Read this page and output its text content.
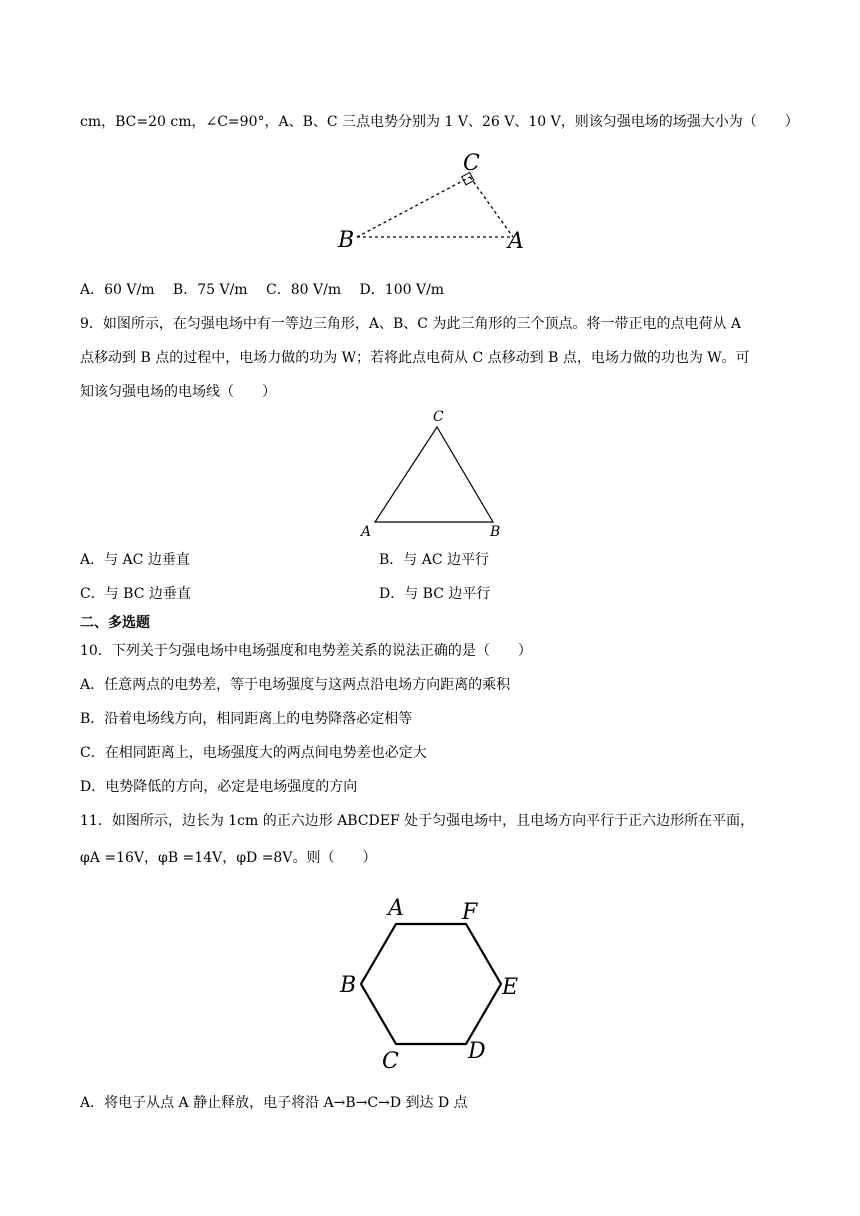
cm，BC=20 cm，∠C=90°，A、B、C 三点电势分别为 1 V、26 V、10 V，则该匀强电场的场强大小为（　　）
B	A
C
A．60 V/m　 B．75 V/m　 C．80 V/m　 D．100 V/m
9．如图所示，在匀强电场中有一等边三角形，A、B、C 为此三角形的三个顶点。将一带正电的点电荷从 A
点移动到 B 点的过程中，电场力做的功为 W；若将此点电荷从 C 点移动到 B 点，电场力做的功也为 W。可
知该匀强电场的电场线（　　）
A	B
C
A．与 AC 边垂直	B．与 AC 边平行
C．与 BC 边垂直	D．与 BC 边平行
二、多选题
10．下列关于匀强电场中电场强度和电势差关系的说法正确的是（　　）
A．任意两点的电势差，等于电场强度与这两点沿电场方向距离的乘积
B．沿着电场线方向，相同距离上的电势降落必定相等
C．在相同距离上，电场强度大的两点间电势差也必定大
D．电势降低的方向，必定是电场强度的方向
11．如图所示，边长为 1cm 的正六边形 ABCDEF 处于匀强电场中，且电场方向平行于正六边形所在平面，
φA =16V，φB =14V，φD =8V。则（　　）
A	F
B	E
C	D
A．将电子从点 A 静止释放，电子将沿 A→B→C→D 到达 D 点
